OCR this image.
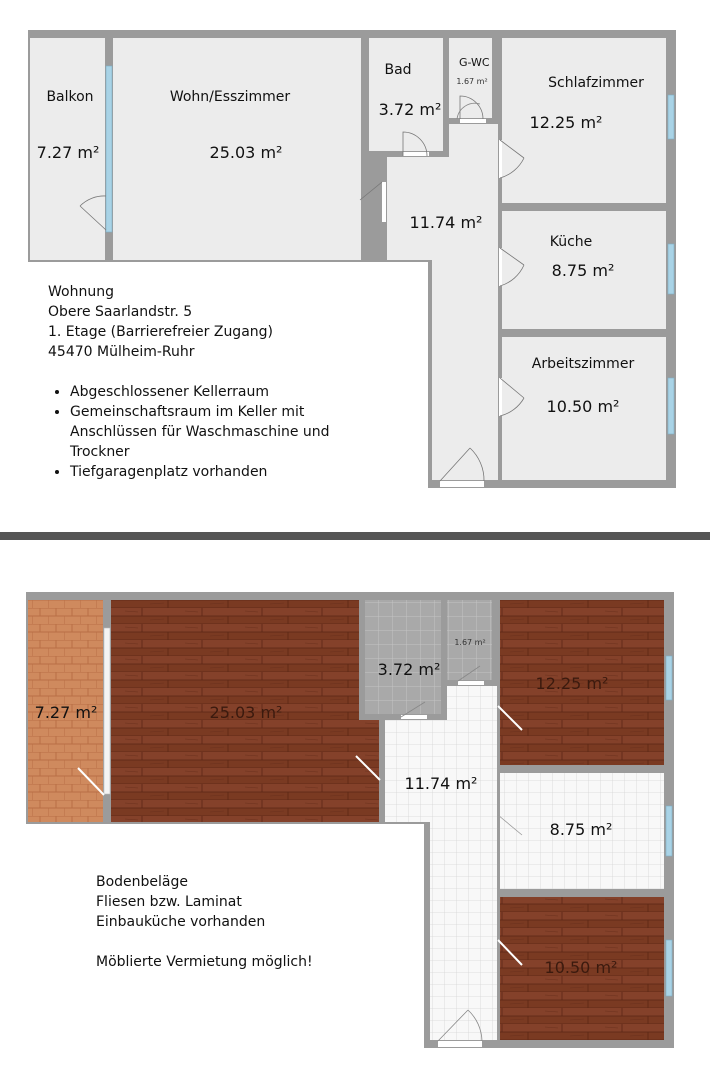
Balkon
7.27 m²
Wohn/Esszimmer
25.03 m²
Bad
3.72 m²
G-WC
1.67 m²	Schlafzimmer
12.25 m²
11.74 m²
Küche
8.75 m²
Arbeitszimmer
10.50 m²
Wohnung
Obere Saarlandstr. 5
1. Etage (Barrierefreier Zugang)
45470 Mülheim-Ruhr
• Abgeschlossener Kellerraum
• Gemeinschaftsraum im Keller mit Anschlüssen für Waschmaschine und Trockner
• Tiefgaragenplatz vorhanden
7.27 m²	25.03 m²
3.72 m²
1.67 m²
12.25 m²
11.74 m²
8.75 m²
10.50 m²
Bodenbeläge
Fliesen bzw. Laminat
Einbauküche vorhanden
Möblierte Vermietung möglich!
